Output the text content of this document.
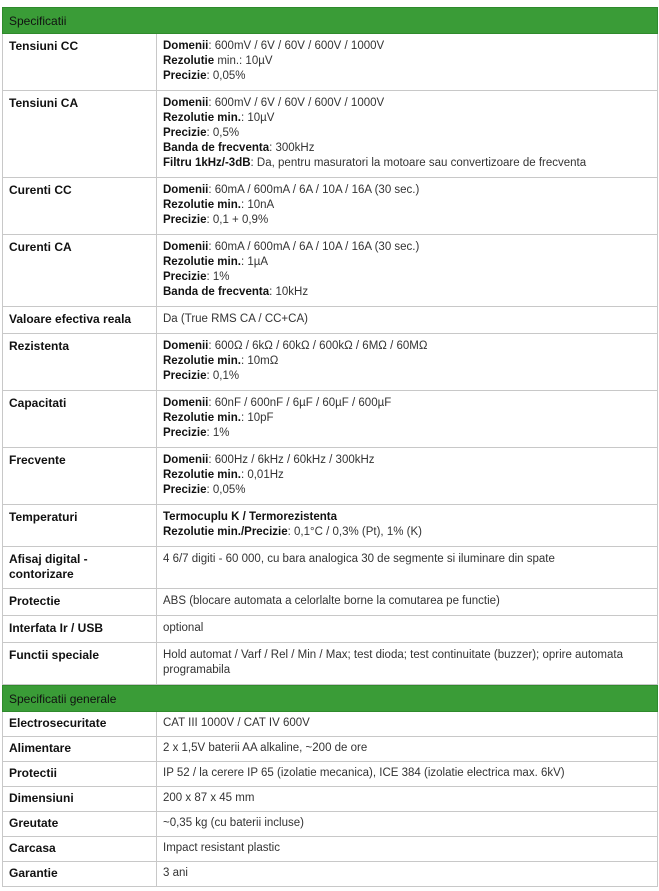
Specificatii	
Tensiuni CC	Domenii: 600mV / 6V / 60V / 600V / 1000V
Rezolutie min.: 10µV
Precizie: 0,05%

Tensiuni CA	Domenii: 600mV / 6V / 60V / 600V / 1000V
Rezolutie min.: 10µV
Precizie: 0,5%
Banda de frecventa: 300kHz
Filtru 1kHz/-3dB: Da, pentru masuratori la motoare sau convertizoare de frecventa

Curenti CC	Domenii: 60mA / 600mA / 6A / 10A / 16A (30 sec.)
Rezolutie min.: 10nA
Precizie: 0,1 + 0,9%

Curenti CA	Domenii: 60mA / 600mA / 6A / 10A / 16A (30 sec.)
Rezolutie min.: 1µA
Precizie: 1%
Banda de frecventa: 10kHz

Valoare efectiva reala	Da (True RMS CA / CC+CA)

Rezistenta	Domenii: 600Ω / 6kΩ / 60kΩ / 600kΩ / 6MΩ / 60MΩ
Rezolutie min.: 10mΩ
Precizie: 0,1%

Capacitati	Domenii: 60nF / 600nF / 6µF / 60µF / 600µF
Rezolutie min.: 10pF
Precizie: 1%

Frecvente	Domenii: 600Hz / 6kHz / 60kHz / 300kHz
Rezolutie min.: 0,01Hz
Precizie: 0,05%

Temperaturi	Termocuplu K / Termorezistenta
Rezolutie min./Precizie: 0,1°C / 0,3% (Pt), 1% (K)

Afisaj digital - contorizare	4 6/7 digiti - 60 000, cu bara analogica 30 de segmente si iluminare din spate

Protectie	ABS (blocare automata a celorlalte borne la comutarea pe functie)

Interfata Ir / USB	optional

Functii speciale	Hold automat / Varf / Rel / Min / Max; test dioda; test continuitate (buzzer); oprire automata programabila
Specificatii generale	
Electrosecuritate	CAT III 1000V / CAT IV 600V
Alimentare	2 x 1,5V baterii AA alkaline, ~200 de ore
Protectii	IP 52 / la cerere IP 65 (izolatie mecanica), ICE 384 (izolatie electrica max. 6kV)
Dimensiuni	200 x 87 x 45 mm
Greutate	~0,35 kg (cu baterii incluse)
Carcasa	Impact resistant plastic
Garantie	3 ani
